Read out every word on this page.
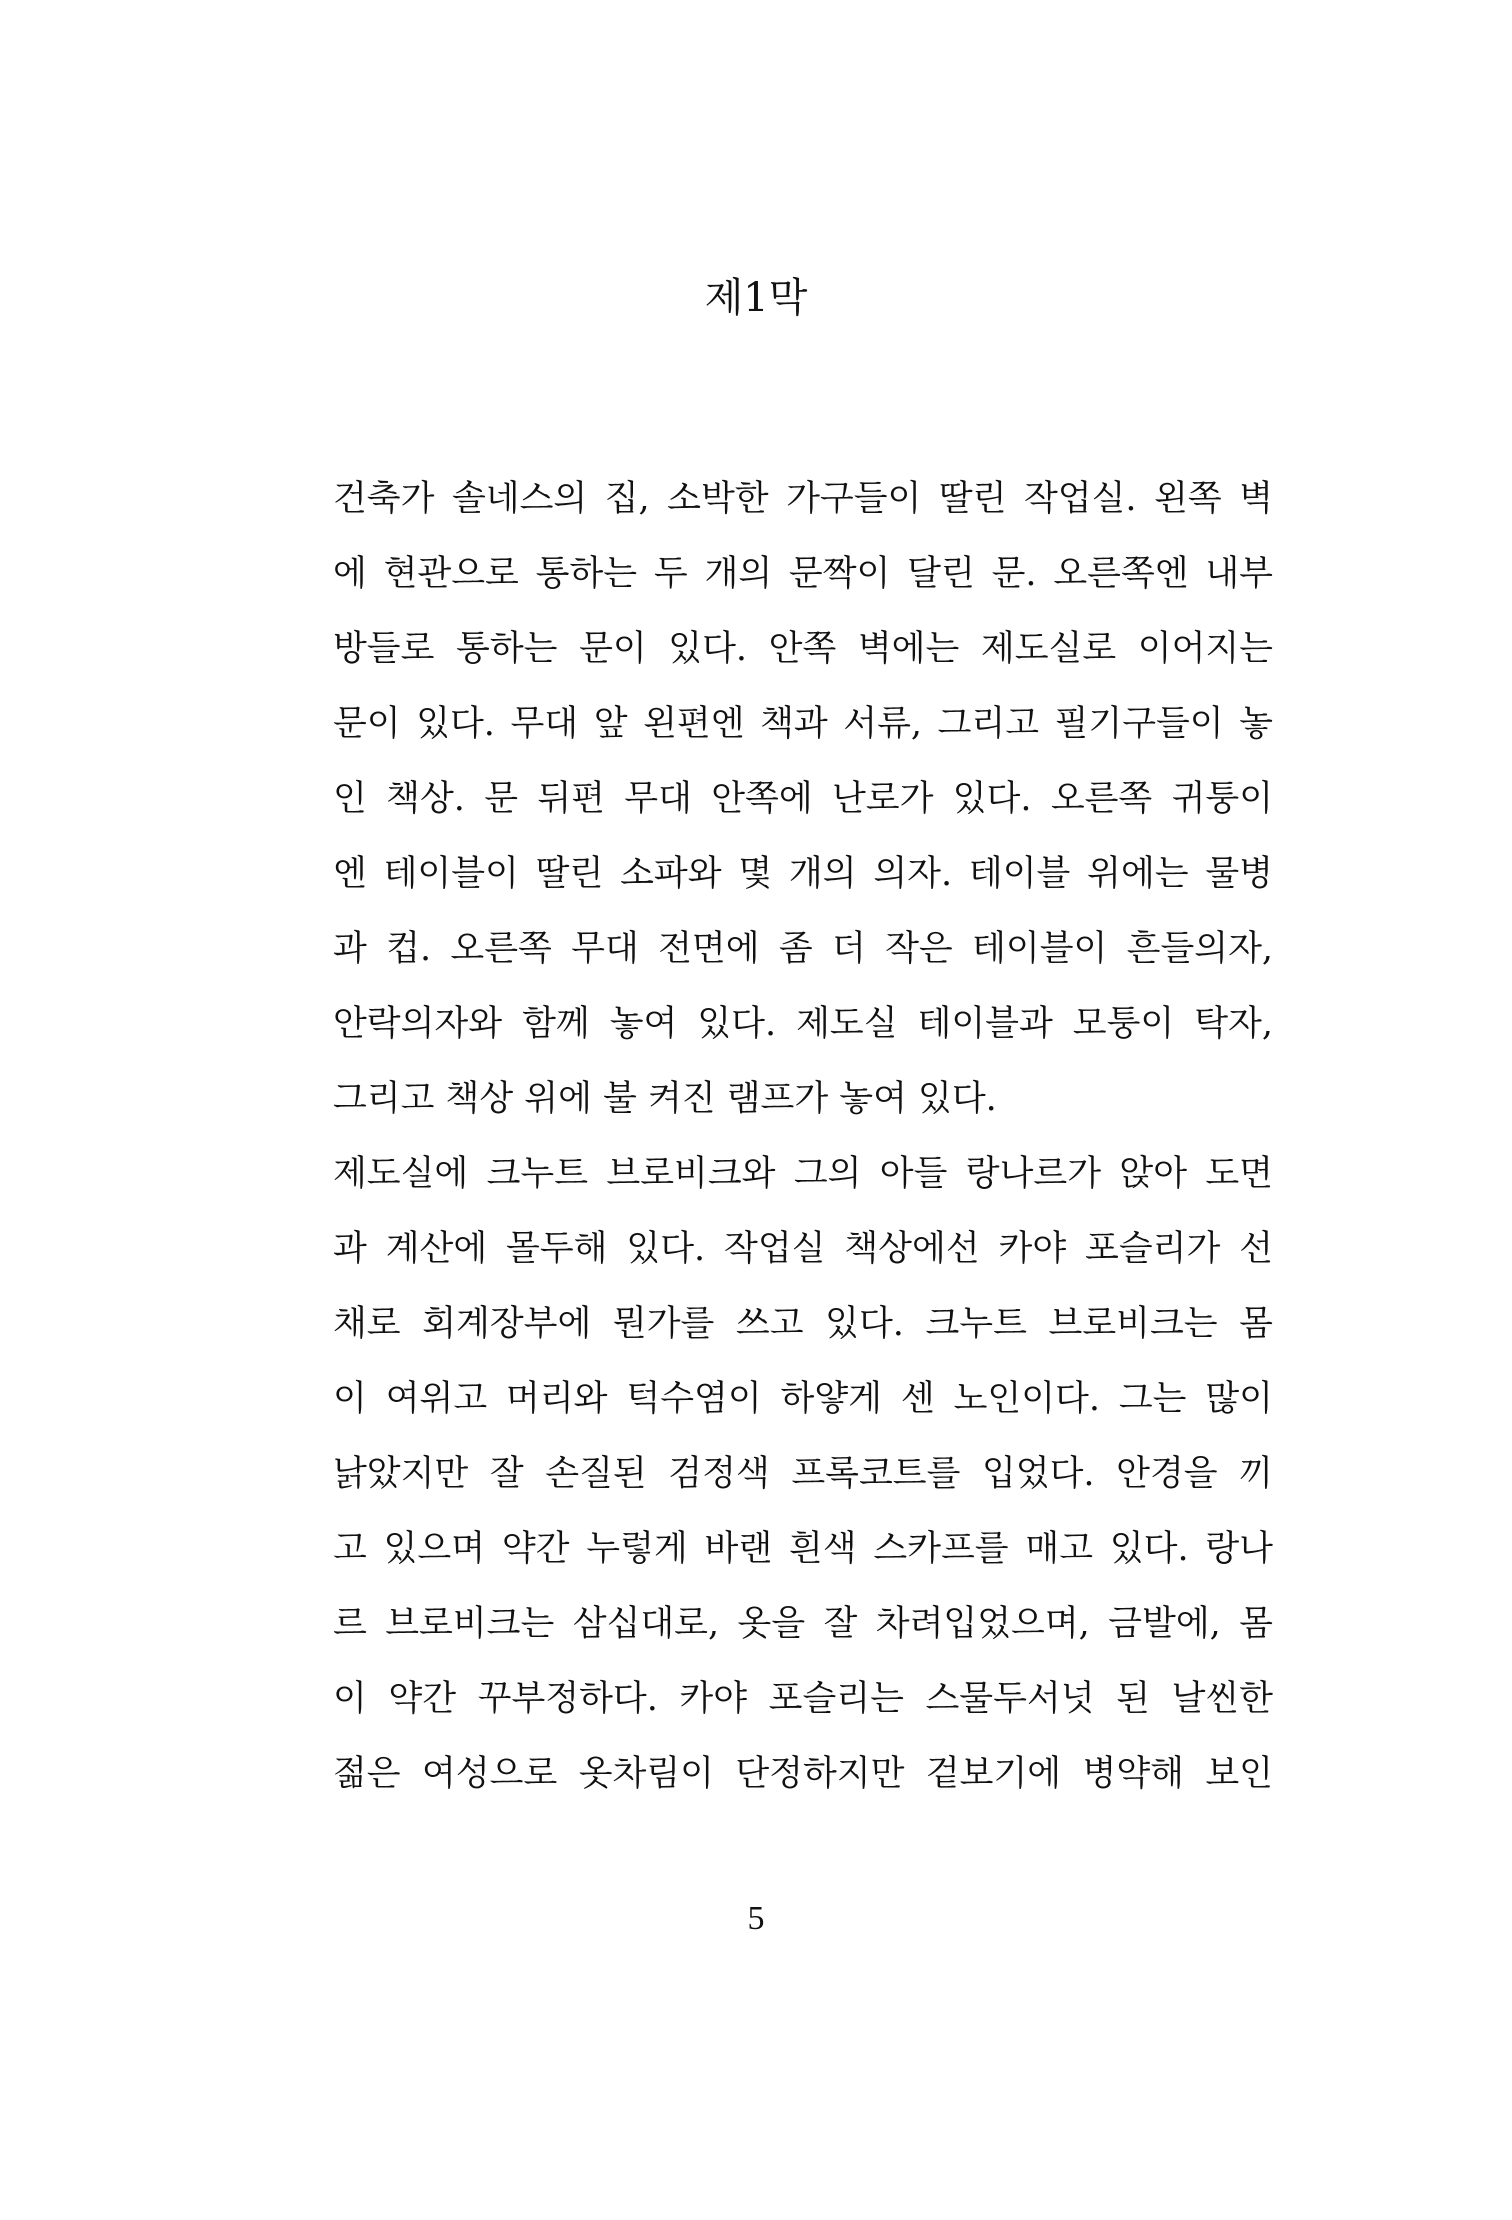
제1막
건축가 솔네스의 집, 소박한 가구들이 딸린 작업실. 왼쪽 벽
에 현관으로 통하는 두 개의 문짝이 달린 문. 오른쪽엔 내부
방들로 통하는 문이 있다. 안쪽 벽에는 제도실로 이어지는
문이 있다. 무대 앞 왼편엔 책과 서류, 그리고 필기구들이 놓
인 책상. 문 뒤편 무대 안쪽에 난로가 있다. 오른쪽 귀퉁이
엔 테이블이 딸린 소파와 몇 개의 의자. 테이블 위에는 물병
과 컵. 오른쪽 무대 전면에 좀 더 작은 테이블이 흔들의자,
안락의자와 함께 놓여 있다. 제도실 테이블과 모퉁이 탁자,
그리고 책상 위에 불 켜진 램프가 놓여 있다.
제도실에 크누트 브로비크와 그의 아들 랑나르가 앉아 도면
과 계산에 몰두해 있다. 작업실 책상에선 카야 포슬리가 선
채로 회계장부에 뭔가를 쓰고 있다. 크누트 브로비크는 몸
이 여위고 머리와 턱수염이 하얗게 센 노인이다. 그는 많이
낡았지만 잘 손질된 검정색 프록코트를 입었다. 안경을 끼
고 있으며 약간 누렇게 바랜 흰색 스카프를 매고 있다. 랑나
르 브로비크는 삼십대로, 옷을 잘 차려입었으며, 금발에, 몸
이 약간 꾸부정하다. 카야 포슬리는 스물두서넛 된 날씬한
젊은 여성으로 옷차림이 단정하지만 겉보기에 병약해 보인
5
